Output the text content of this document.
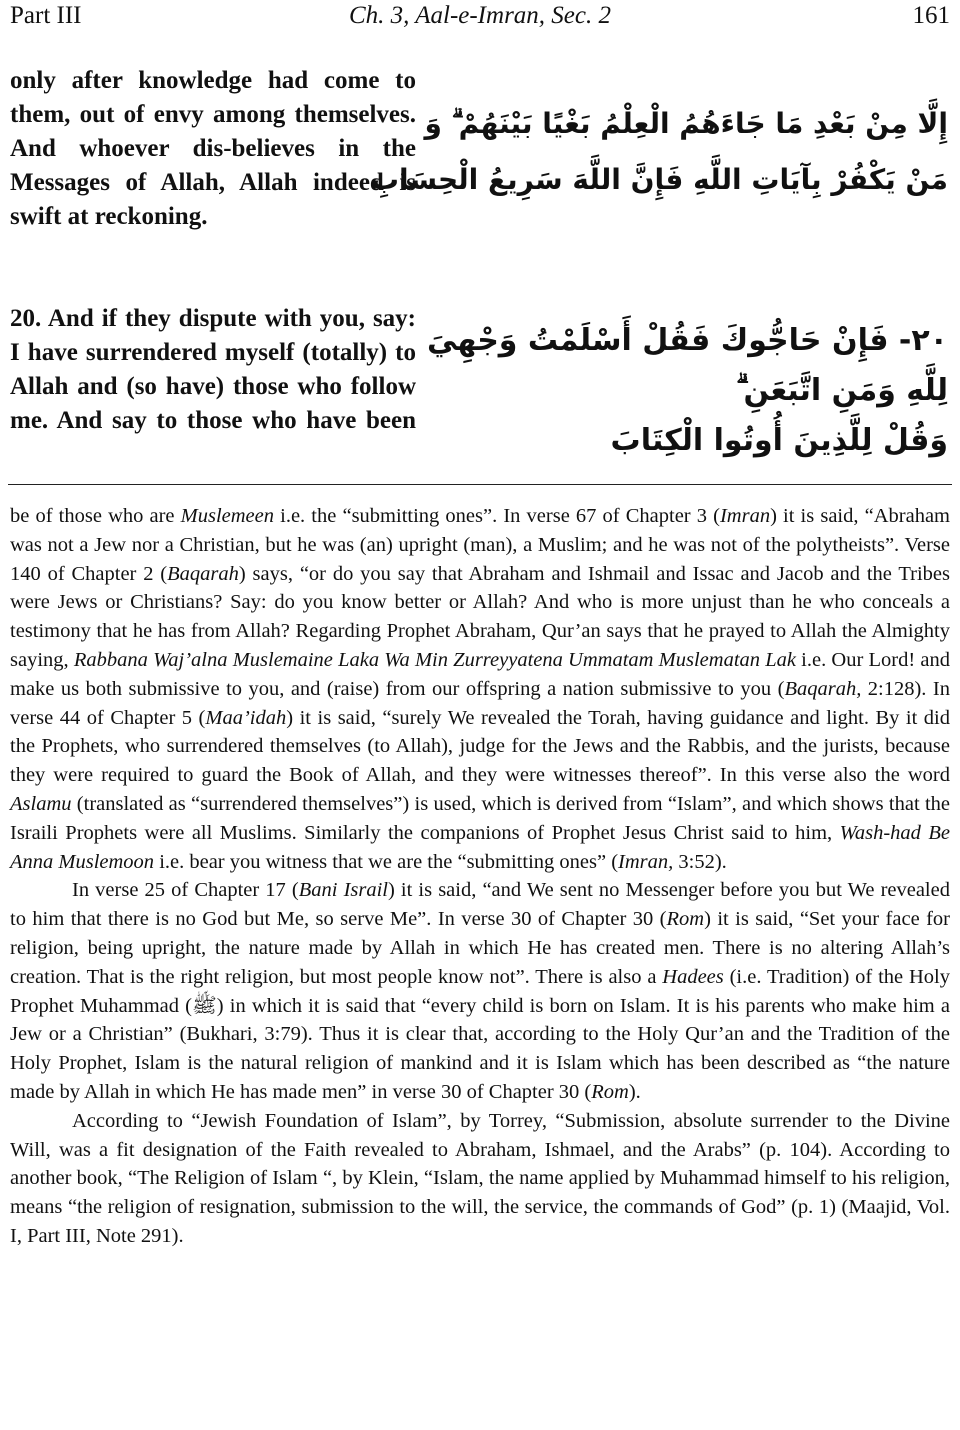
Part III	Ch. 3, Aal-e-Imran, Sec. 2	161
only after knowledge had come to them, out of envy among themselves. And whoever dis-believes in the Messages of Allah, Allah indeed is swift at reckoning.
إِلَّا مِنْ بَعْدِ مَا جَاءَهُمُ الْعِلْمُ بَغْيًا بَيْنَهُمْ ۗ وَ
مَنْ يَكْفُرْ بِآيَاتِ اللَّهِ فَإِنَّ اللَّهَ سَرِيعُ الْحِسَابِ
20. And if they dispute with you, say: I have surrendered myself (totally) to Allah and (so have) those who follow me. And say to those who have been
٢٠- فَإِنْ حَاجُّوكَ فَقُلْ أَسْلَمْتُ وَجْهِيَ
لِلَّهِ وَمَنِ اتَّبَعَنِ ۗ
وَقُلْ لِلَّذِينَ أُوتُوا الْكِتَابَ

be of those who are Muslemeen i.e. the “submitting ones”. In verse 67 of Chapter 3 (Imran) it is said, “Abraham was not a Jew nor a Christian, but he was (an) upright (man), a Muslim; and he was not of the polytheists”. Verse 140 of Chapter 2 (Baqarah) says, “or do you say that Abraham and Ishmail and Issac and Jacob and the Tribes were Jews or Christians? Say: do you know better or Allah? And who is more unjust than he who conceals a testimony that he has from Allah? Regarding Prophet Abraham, Qur’an says that he prayed to Allah the Almighty saying, Rabbana Waj’alna Muslemaine Laka Wa Min Zurreyyatena Ummatam Muslematan Lak i.e. Our Lord! and make us both submissive to you, and (raise) from our offspring a nation submissive to you (Baqarah, 2:128). In verse 44 of Chapter 5 (Maa’idah) it is said, “surely We revealed the Torah, having guidance and light. By it did the Prophets, who surrendered themselves (to Allah), judge for the Jews and the Rabbis, and the jurists, because they were required to guard the Book of Allah, and they were witnesses thereof”. In this verse also the word Aslamu (translated as “surrendered themselves”) is used, which is derived from “Islam”, and which shows that the Israili Prophets were all Muslims. Similarly the companions of Prophet Jesus Christ said to him, Wash-had Be Anna Muslemoon i.e. bear you witness that we are the “submitting ones” (Imran, 3:52).

In verse 25 of Chapter 17 (Bani Israil) it is said, “and We sent no Messenger before you but We revealed to him that there is no God but Me, so serve Me”. In verse 30 of Chapter 30 (Rom) it is said, “Set your face for religion, being upright, the nature made by Allah in which He has created men. There is no altering Allah’s creation. That is the right religion, but most people know not”. There is also a Hadees (i.e. Tradition) of the Holy Prophet Muhammad (ﷺ) in which it is said that “every child is born on Islam. It is his parents who make him a Jew or a Christian” (Bukhari, 3:79). Thus it is clear that, according to the Holy Qur’an and the Tradition of the Holy Prophet, Islam is the natural religion of mankind and it is Islam which has been described as “the nature made by Allah in which He has made men” in verse 30 of Chapter 30 (Rom).

According to “Jewish Foundation of Islam”, by Torrey, “Submission, absolute surrender to the Divine Will, was a fit designation of the Faith revealed to Abraham, Ishmael, and the Arabs” (p. 104). According to another book, “The Religion of Islam “, by Klein, “Islam, the name applied by Muhammad himself to his religion, means “the religion of resignation, submission to the will, the service, the commands of God” (p. 1) (Maajid, Vol. I, Part III, Note 291).
